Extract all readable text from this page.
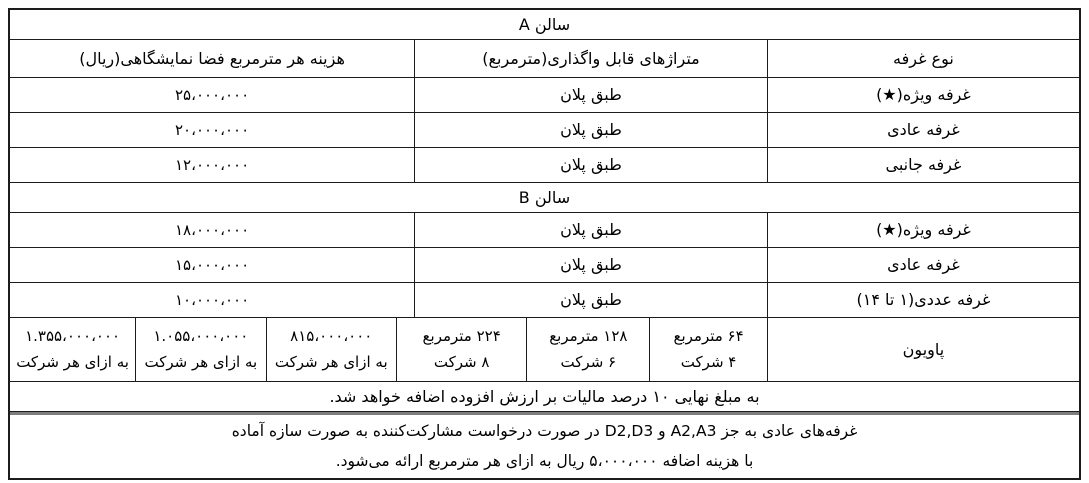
سالن A
نوع غرفه
متراژهای قابل واگذاری(مترمربع)
هزینه هر مترمربع فضا نمایشگاهی(ریال)
غرفه ویژه(★)
طبق پلان
۲۵،۰۰۰،۰۰۰
غرفه عادی
طبق پلان
۲۰،۰۰۰،۰۰۰
غرفه جانبی
طبق پلان
۱۲،۰۰۰،۰۰۰
سالن B
غرفه ویژه(★)
طبق پلان
۱۸،۰۰۰،۰۰۰
غرفه عادی
طبق پلان
۱۵،۰۰۰،۰۰۰
غرفه عددی(۱ تا ۱۴)
طبق پلان
۱۰،۰۰۰،۰۰۰
پاویون
۶۴ مترمربع
۴ شرکت
۱۲۸ مترمربع
۶ شرکت
۲۲۴ مترمربع
۸ شرکت
۸۱۵،۰۰۰،۰۰۰
به ازای هر شرکت
۱.۰۵۵،۰۰۰،۰۰۰
به ازای هر شرکت
۱.۳۵۵،۰۰۰،۰۰۰
به ازای هر شرکت
به مبلغ نهایی ۱۰ درصد مالیات بر ارزش افزوده اضافه خواهد شد.
غرفه‌های عادی به جز ‎A2,A3‎ و ‎D2,D3‎ در صورت درخواست مشارکت‌کننده به صورت سازه آماده
با هزینه اضافه ۵،۰۰۰،۰۰۰ ریال به ازای هر مترمربع ارائه می‌شود.
